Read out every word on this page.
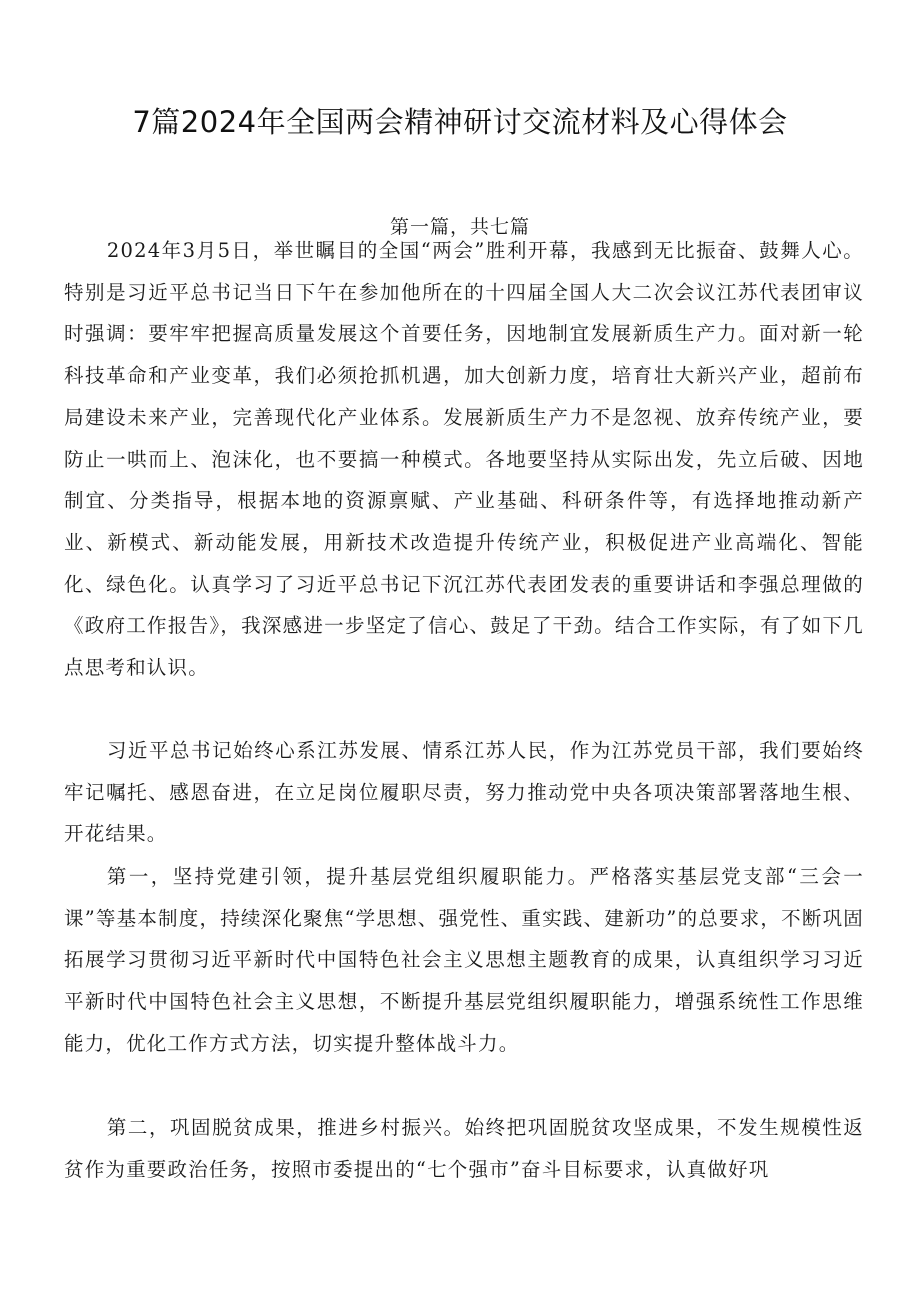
7篇2024年全国两会精神研讨交流材料及心得体会
第一篇，共七篇

2024年3月5日，举世瞩目的全国“两会”胜利开幕，我感到无比振奋、鼓舞人心。特别是习近平总书记当日下午在参加他所在的十四届全国人大二次会议江苏代表团审议时强调：要牢牢把握高质量发展这个首要任务，因地制宜发展新质生产力。面对新一轮科技革命和产业变革，我们必须抢抓机遇，加大创新力度，培育壮大新兴产业，超前布局建设未来产业，完善现代化产业体系。发展新质生产力不是忽视、放弃传统产业，要防止一哄而上、泡沫化，也不要搞一种模式。各地要坚持从实际出发，先立后破、因地制宜、分类指导，根据本地的资源禀赋、产业基础、科研条件等，有选择地推动新产业、新模式、新动能发展，用新技术改造提升传统产业，积极促进产业高端化、智能化、绿色化。认真学习了习近平总书记下沉江苏代表团发表的重要讲话和李强总理做的《政府工作报告》，我深感进一步坚定了信心、鼓足了干劲。结合工作实际，有了如下几点思考和认识。

习近平总书记始终心系江苏发展、情系江苏人民，作为江苏党员干部，我们要始终牢记嘱托、感恩奋进，在立足岗位履职尽责，努力推动党中央各项决策部署落地生根、开花结果。

第一，坚持党建引领，提升基层党组织履职能力。严格落实基层党支部“三会一课”等基本制度，持续深化聚焦“学思想、强党性、重实践、建新功”的总要求，不断巩固拓展学习贯彻习近平新时代中国特色社会主义思想主题教育的成果，认真组织学习习近平新时代中国特色社会主义思想，不断提升基层党组织履职能力，增强系统性工作思维能力，优化工作方式方法，切实提升整体战斗力。

第二，巩固脱贫成果，推进乡村振兴。始终把巩固脱贫攻坚成果，不发生规模性返贫作为重要政治任务，按照市委提出的“七个强市”奋斗目标要求，认真做好巩
